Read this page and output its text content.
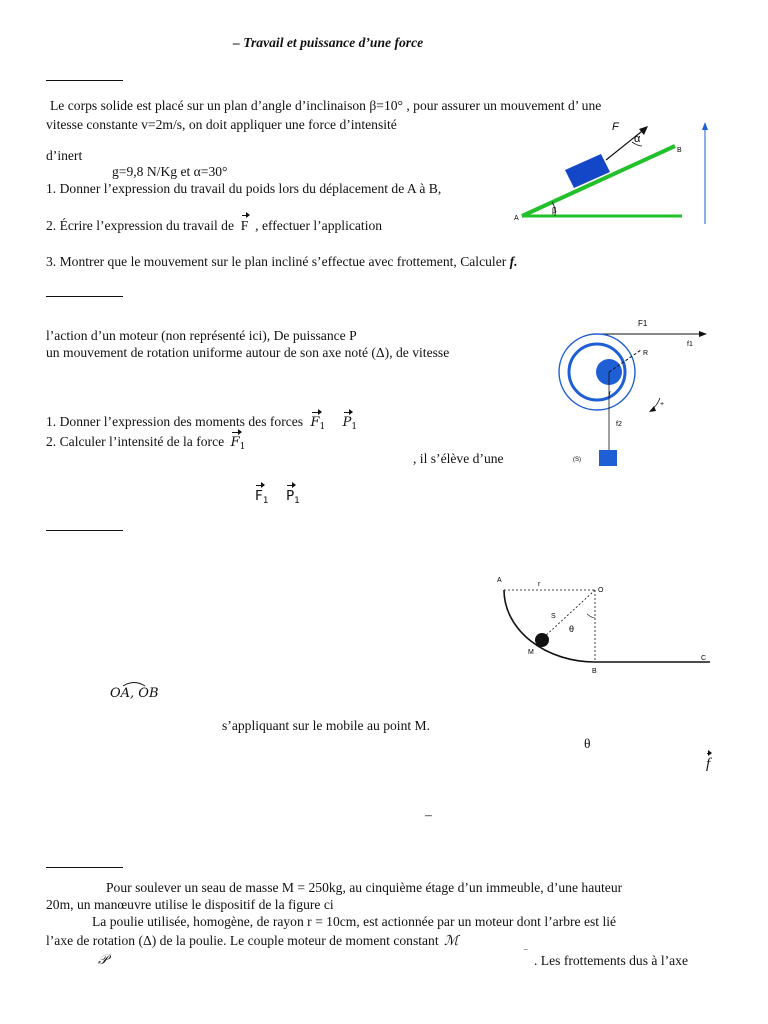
– Travail et puissance d’une force
Le corps solide est placé sur un plan d’angle d’inclinaison β=10° , pour assurer un mouvement d’ une
vitesse constante v=2m/s, on doit appliquer une force d’intensité
d’inert
g=9,8 N/Kg et α=30°
1. Donner l’expression du travail du poids lors du déplacement de A à B,
2. Écrire l’expression du travail de F , effectuer l’application
3. Montrer que le mouvement sur le plan incliné s’effectue avec frottement, Calculer f.
F
α
B
A
β
l’action d’un moteur (non représenté ici), De puissance P
un mouvement de rotation uniforme autour de son axe noté (Δ), de vitesse
1. Donner l’expression des moments des forces $F_1$ $P_1$
2. Calculer l’intensité de la force $F_1$
, il s’élève d’une
$F_1$ $P_1$
F1
f1
R
r
f2
+
(S)
A
r
O
S
θ
M
B
C
OA, OB
s’appliquant sur le mobile au point M.
θ
f
–
Pour soulever un seau de masse M = 250kg, au cinquième étage d’un immeuble, d’une hauteur
20m, un manœuvre utilise le dispositif de la figure ci
La poulie utilisée, homogène, de rayon r = 10cm, est actionnée par un moteur dont l’arbre est lié
l’axe de rotation (Δ) de la poulie. Le couple moteur de moment constant ℳ
𝒫	‾ . Les frottements dus à l’axe
